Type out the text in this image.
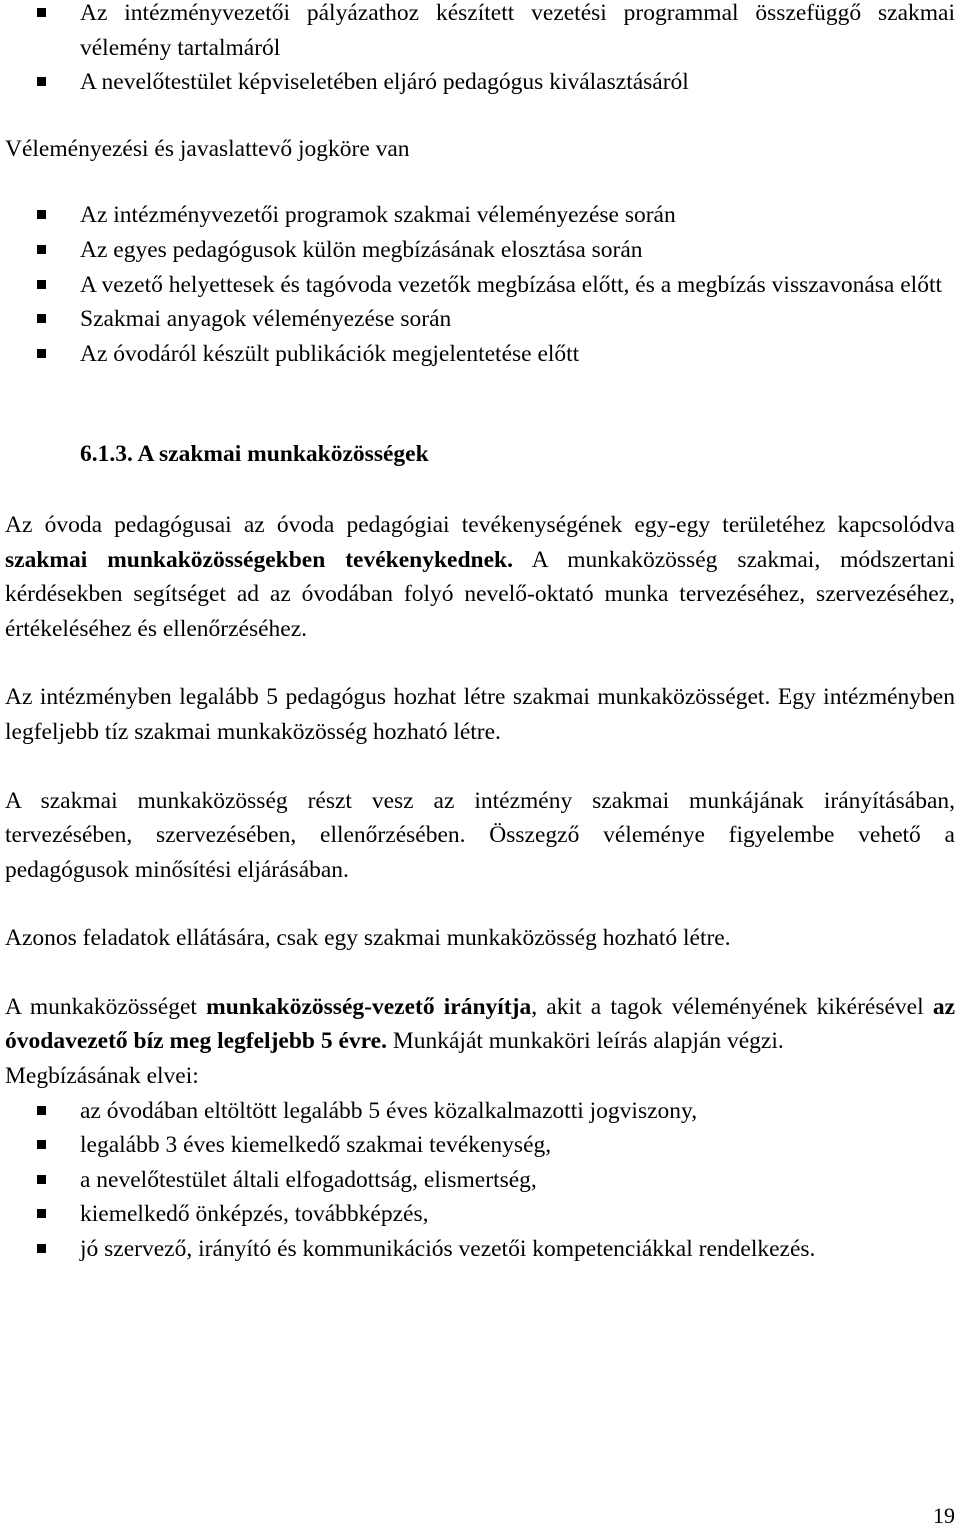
Az intézményvezetői pályázathoz készített vezetési programmal összefüggő szakmai vélemény tartalmáról
A nevelőtestület képviseletében eljáró pedagógus kiválasztásáról

Véleményezési és javaslattevő jogköre van

Az intézményvezetői programok szakmai véleményezése során
Az egyes pedagógusok külön megbízásának elosztása során
A vezető helyettesek és tagóvoda vezetők megbízása előtt, és a megbízás visszavonása előtt
Szakmai anyagok véleményezése során
Az óvodáról készült publikációk megjelentetése előtt
6.1.3. A szakmai munkaközösségek

Az óvoda pedagógusai az óvoda pedagógiai tevékenységének egy-egy területéhez kapcsolódva szakmai munkaközösségekben tevékenykednek. A munkaközösség szakmai, módszertani kérdésekben segítséget ad az óvodában folyó nevelő-oktató munka tervezéséhez, szervezéséhez, értékeléséhez és ellenőrzéséhez.

Az intézményben legalább 5 pedagógus hozhat létre szakmai munkaközösséget. Egy intézményben legfeljebb tíz szakmai munkaközösség hozható létre.

A szakmai munkaközösség részt vesz az intézmény szakmai munkájának irányításában, tervezésében, szervezésében, ellenőrzésében. Összegző véleménye figyelembe vehető a pedagógusok minősítési eljárásában.

Azonos feladatok ellátására, csak egy szakmai munkaközösség hozható létre.

A munkaközösséget munkaközösség-vezető irányítja, akit a tagok véleményének kikérésével az óvodavezető bíz meg legfeljebb 5 évre. Munkáját munkaköri leírás alapján végzi.

Megbízásának elvei:

az óvodában eltöltött legalább 5 éves közalkalmazotti jogviszony,
legalább 3 éves kiemelkedő szakmai tevékenység,
a nevelőtestület általi elfogadottság, elismertség,
kiemelkedő önképzés, továbbképzés,
jó szervező, irányító és kommunikációs vezetői kompetenciákkal rendelkezés.
19
